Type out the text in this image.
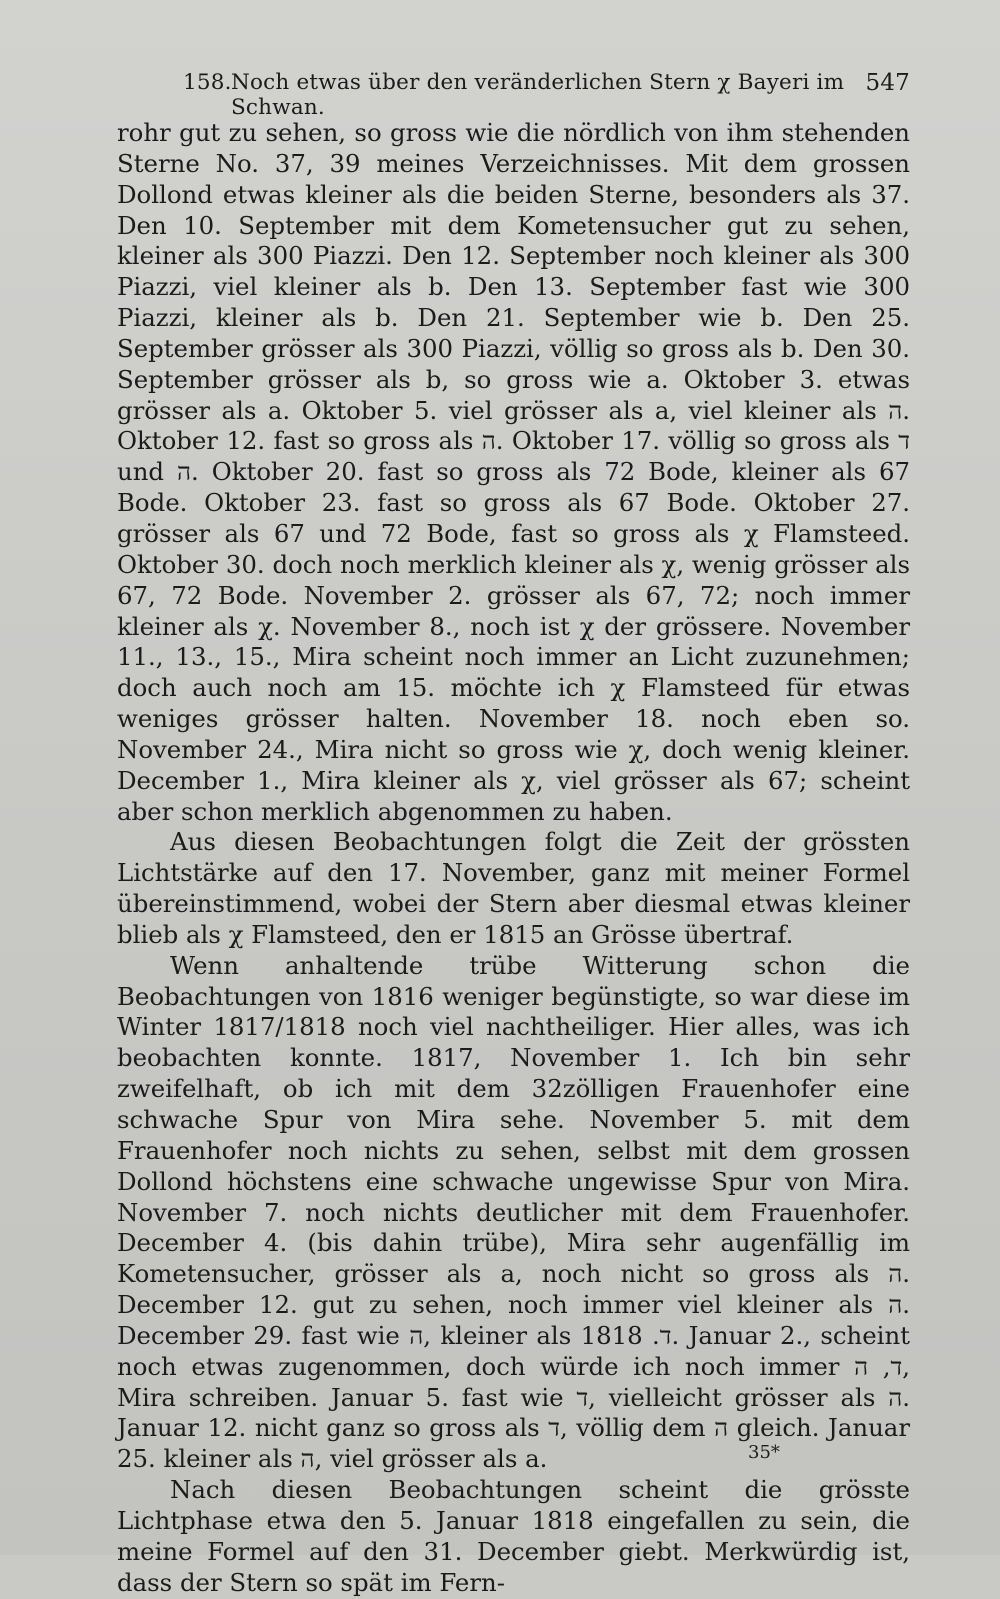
158. Noch etwas über den veränderlichen Stern χ Bayeri im Schwan.
547

rohr gut zu sehen, so gross wie die nördlich von ihm stehenden Sterne No. 37, 39 meines Verzeichnisses. Mit dem grossen Dollond etwas kleiner als die beiden Sterne, besonders als 37. Den 10. September mit dem Kometensucher gut zu sehen, kleiner als 300 Piazzi. Den 12. September noch kleiner als 300 Piazzi, viel kleiner als b. Den 13. September fast wie 300 Piazzi, kleiner als b. Den 21. September wie b. Den 25. September grösser als 300 Piazzi, völlig so gross als b. Den 30. September grösser als b, so gross wie a. Oktober 3. etwas grösser als a. Oktober 5. viel grösser als a, viel kleiner als ה. Oktober 12. fast so gross als ה. Oktober 17. völlig so gross als ד und ה. Oktober 20. fast so gross als 72 Bode, kleiner als 67 Bode. Oktober 23. fast so gross als 67 Bode. Oktober 27. grösser als 67 und 72 Bode, fast so gross als χ Flamsteed. Oktober 30. doch noch merklich kleiner als χ, wenig grösser als 67, 72 Bode. November 2. grösser als 67, 72; noch immer kleiner als χ. November 8., noch ist χ der grössere. November 11., 13., 15., Mira scheint noch immer an Licht zuzunehmen; doch auch noch am 15. möchte ich χ Flamsteed für etwas weniges grösser halten. November 18. noch eben so. November 24., Mira nicht so gross wie χ, doch wenig kleiner. December 1., Mira kleiner als χ, viel grösser als 67; scheint aber schon merklich abgenommen zu haben.

Aus diesen Beobachtungen folgt die Zeit der grössten Lichtstärke auf den 17. November, ganz mit meiner Formel übereinstimmend, wobei der Stern aber diesmal etwas kleiner blieb als χ Flamsteed, den er 1815 an Grösse übertraf.

Wenn anhaltende trübe Witterung schon die Beobachtungen von 1816 weniger begünstigte, so war diese im Winter 1817/1818 noch viel nachtheiliger. Hier alles, was ich beobachten konnte. 1817, November 1. Ich bin sehr zweifelhaft, ob ich mit dem 32zölligen Frauenhofer eine schwache Spur von Mira sehe. November 5. mit dem Frauenhofer noch nichts zu sehen, selbst mit dem grossen Dollond höchstens eine schwache ungewisse Spur von Mira. November 7. noch nichts deutlicher mit dem Frauenhofer. December 4. (bis dahin trübe), Mira sehr augenfällig im Kometensucher, grösser als a, noch nicht so gross als ה. December 12. gut zu sehen, noch immer viel kleiner als ה. December 29. fast wie ה, kleiner als ד. 1818. Januar 2., scheint noch etwas zugenommen, doch würde ich noch immer ד, ה, Mira schreiben. Januar 5. fast wie ד, vielleicht grösser als ה. Januar 12. nicht ganz so gross als ד, völlig dem ה gleich. Januar 25. kleiner als ה, viel grösser als a.

Nach diesen Beobachtungen scheint die grösste Lichtphase etwa den 5. Januar 1818 eingefallen zu sein, die meine Formel auf den 31. December giebt. Merkwürdig ist, dass der Stern so spät im Fern-

35*
